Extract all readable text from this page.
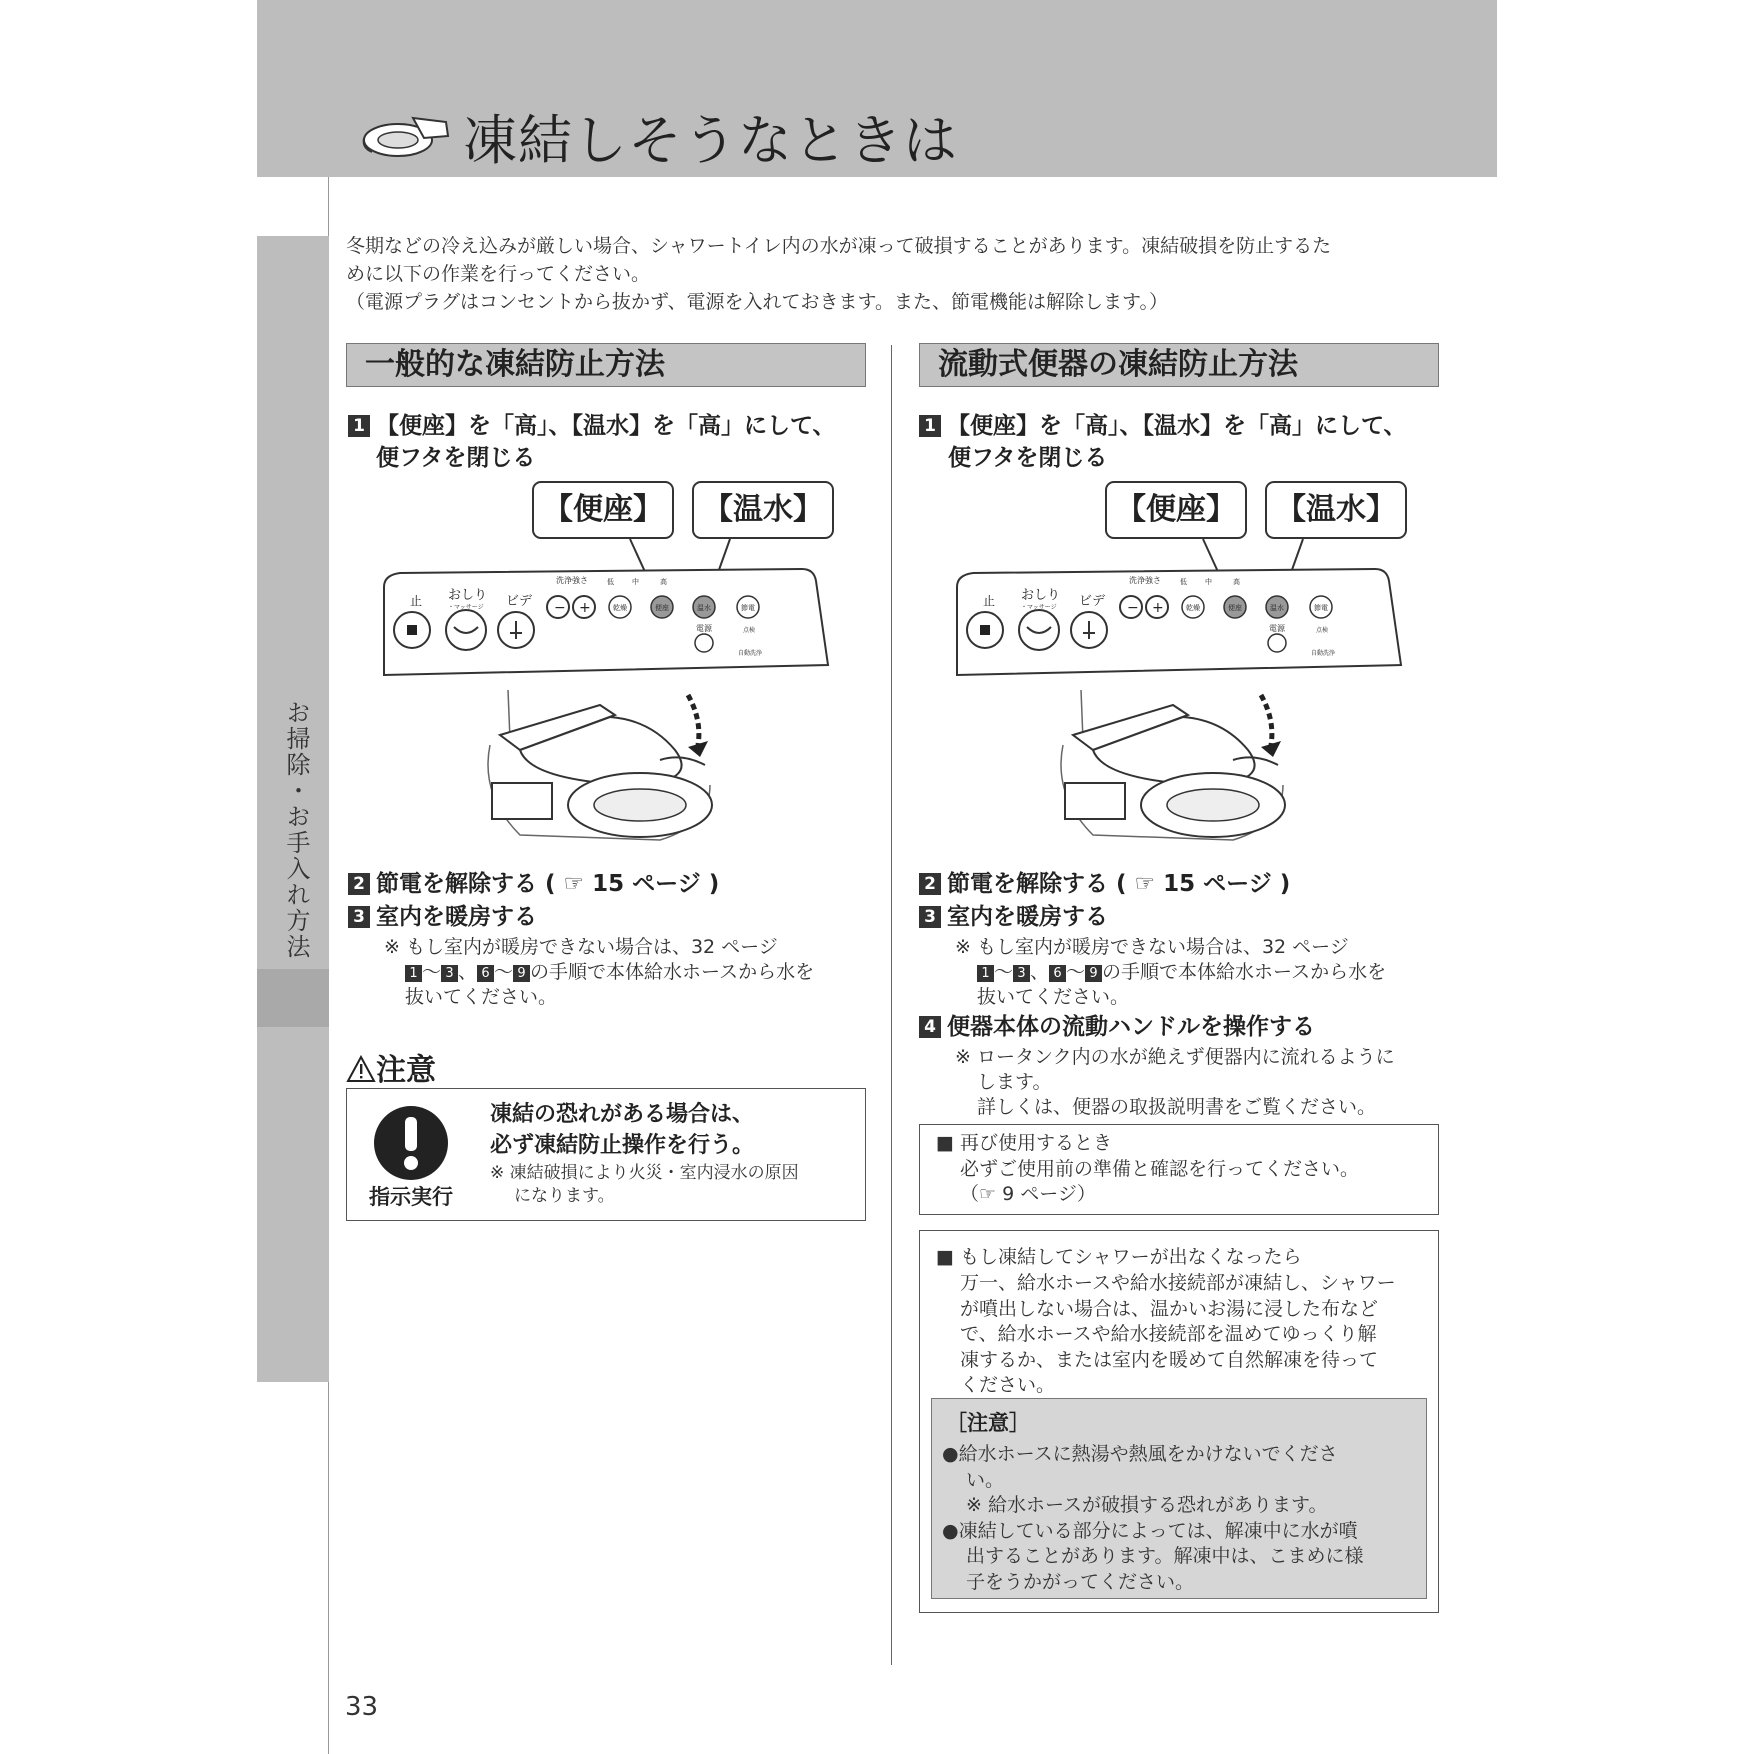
凍結しそうなときは
お掃除・お手入れ方法
冬期などの冷え込みが厳しい場合、シャワートイレ内の水が凍って破損することがあります。凍結破損を防止するた
めに以下の作業を行ってください。
（電源プラグはコンセントから抜かず、電源を入れておきます。また、節電機能は解除します。）
一般的な凍結防止方法
1 【便座】を「高」、【温水】を「高」にして、
便フタを閉じる
【便座】	【温水】
止 おしり
・マッサージ ビデ
洗浄強さ
− +
低	中	高
乾燥	便座	温水	節電
電源	点検
自動洗浄
2 節電を解除する ( ☞ 15 ページ )
3 室内を暖房する
※ もし室内が暖房できない場合は、32 ページ
1 〜 3 、 6 〜 9 の手順で本体給水ホースから水を
抜いてください。
注意
指示実行
凍結の恐れがある場合は、
必ず凍結防止操作を行う。
※ 凍結破損により火災・室内浸水の原因
になります。
流動式便器の凍結防止方法
1 【便座】を「高」、【温水】を「高」にして、
便フタを閉じる
【便座】	【温水】
止 おしり
・マッサージ ビデ
洗浄強さ
− +
低	中	高
乾燥	便座	温水	節電
電源	点検
自動洗浄
2 節電を解除する ( ☞ 15 ページ )
3 室内を暖房する
※ もし室内が暖房できない場合は、32 ページ
1 〜 3 、 6 〜 9 の手順で本体給水ホースから水を
抜いてください。
4 便器本体の流動ハンドルを操作する
※ ロータンク内の水が絶えず便器内に流れるように
します。
詳しくは、便器の取扱説明書をご覧ください。
■ 再び使用するとき
必ずご使用前の準備と確認を行ってください。
（☞ 9 ページ）
■ もし凍結してシャワーが出なくなったら
万一、給水ホースや給水接続部が凍結し、シャワー
が噴出しない場合は、温かいお湯に浸した布など
で、給水ホースや給水接続部を温めてゆっくり解
凍するか、または室内を暖めて自然解凍を待って
ください。
［注意］
●給水ホースに熱湯や熱風をかけないでくださ
い。
※ 給水ホースが破損する恐れがあります。
●凍結している部分によっては、解凍中に水が噴
出することがあります。解凍中は、こまめに様
子をうかがってください。
33
